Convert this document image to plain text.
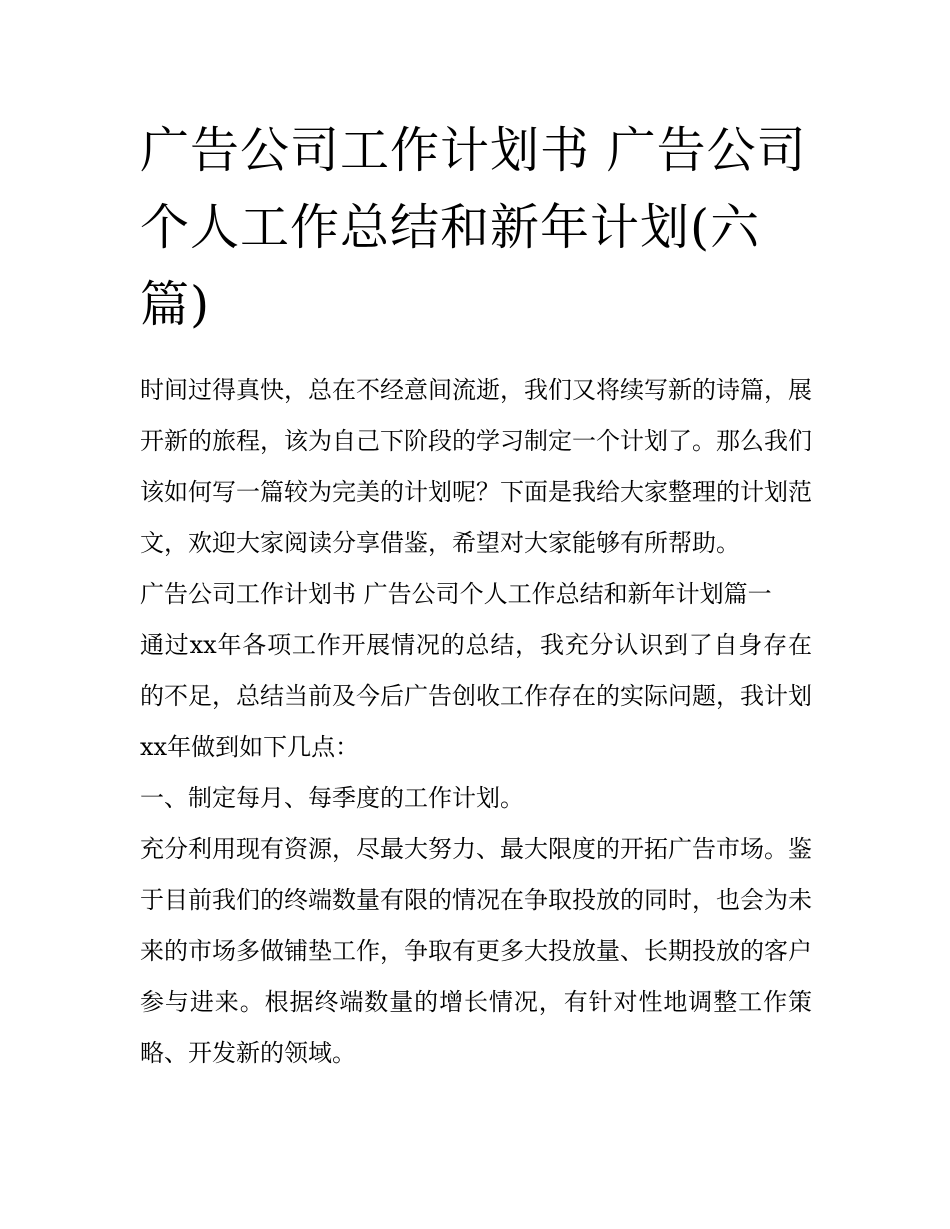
广告公司工作计划书 广告公司个人工作总结和新年计划(六篇)

时间过得真快，总在不经意间流逝，我们又将续写新的诗篇，展开新的旅程，该为自己下阶段的学习制定一个计划了。那么我们该如何写一篇较为完美的计划呢？下面是我给大家整理的计划范文，欢迎大家阅读分享借鉴，希望对大家能够有所帮助。

广告公司工作计划书 广告公司个人工作总结和新年计划篇一

通过xx年各项工作开展情况的总结，我充分认识到了自身存在的不足，总结当前及今后广告创收工作存在的实际问题，我计划xx年做到如下几点：

一、制定每月、每季度的工作计划。

充分利用现有资源，尽最大努力、最大限度的开拓广告市场。鉴于目前我们的终端数量有限的情况在争取投放的同时，也会为未来的市场多做铺垫工作，争取有更多大投放量、长期投放的客户参与进来。根据终端数量的增长情况，有针对性地调整工作策略、开发新的领域。
